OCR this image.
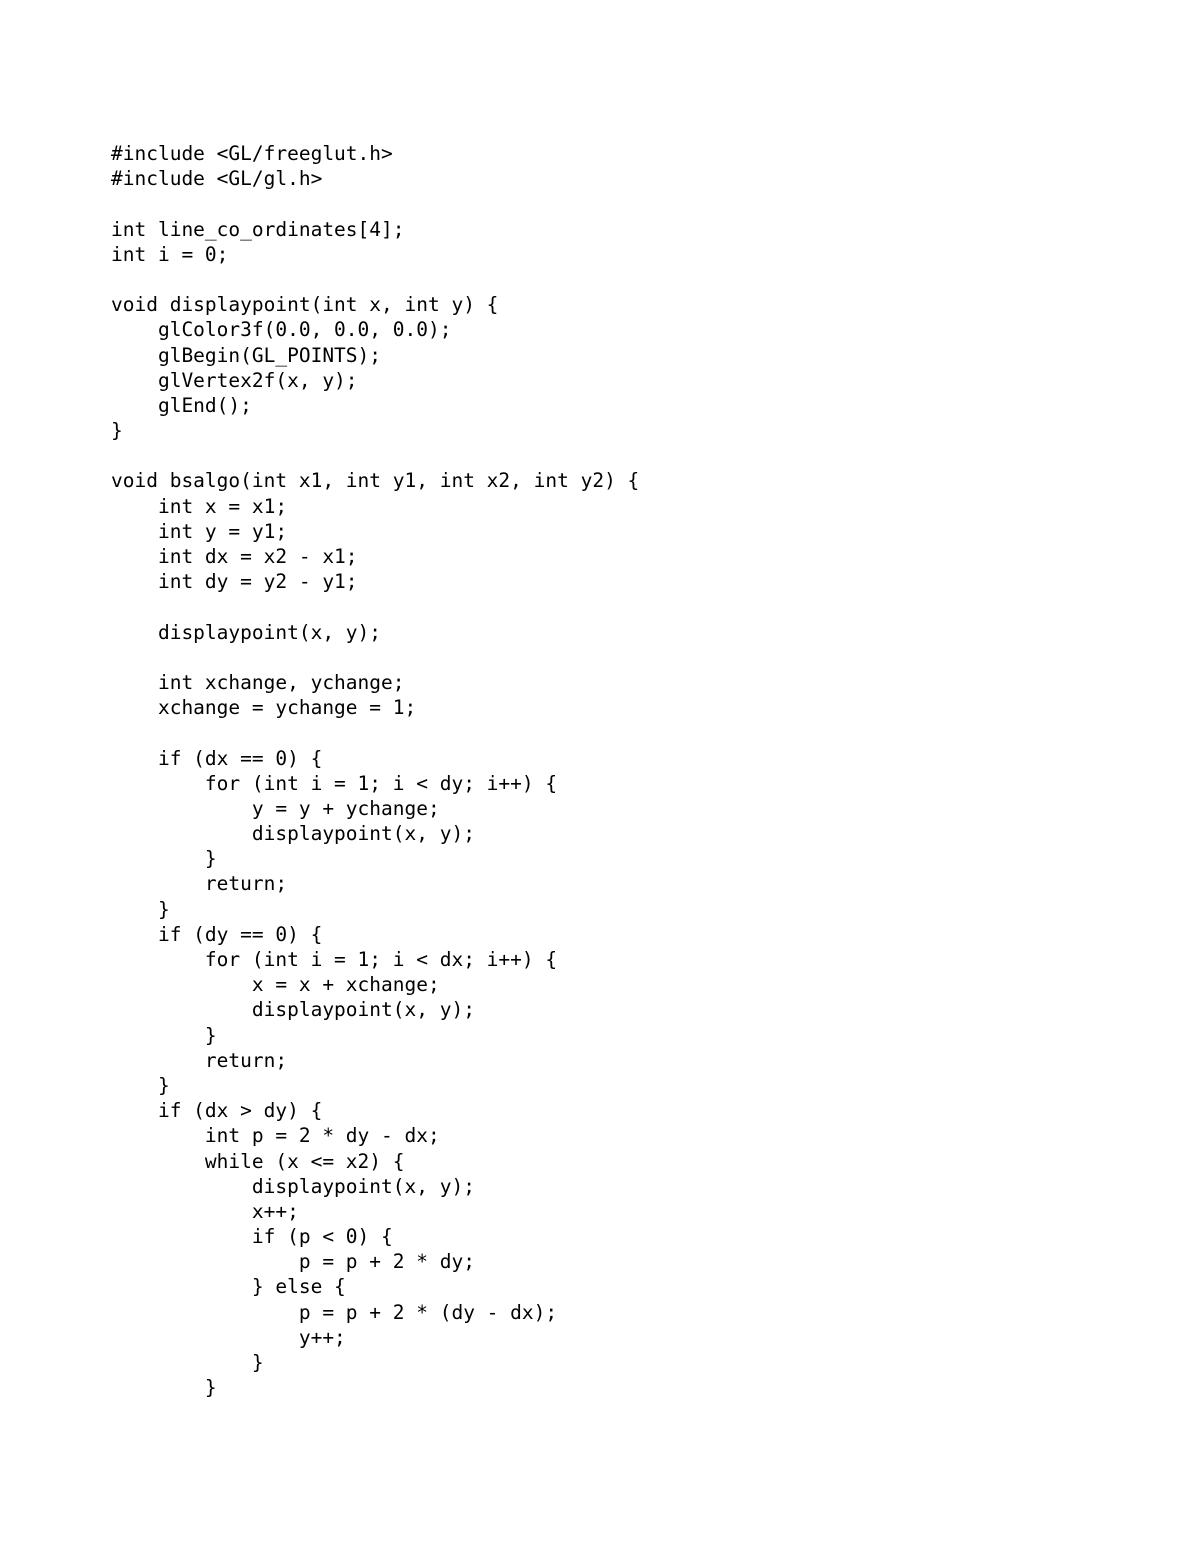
#include <GL/freeglut.h>
#include <GL/gl.h>
int line_co_ordinates[4];
int i = 0;
void displaypoint(int x, int y) {
glColor3f(0.0, 0.0, 0.0);
glBegin(GL_POINTS);
glVertex2f(x, y);
glEnd();
}
void bsalgo(int x1, int y1, int x2, int y2) {
int x = x1;
int y = y1;
int dx = x2 - x1;
int dy = y2 - y1;
displaypoint(x, y);
int xchange, ychange;
xchange = ychange = 1;
if (dx == 0) {
for (int i = 1; i < dy; i++) {
y = y + ychange;
displaypoint(x, y);
}
return;
}
if (dy == 0) {
for (int i = 1; i < dx; i++) {
x = x + xchange;
displaypoint(x, y);
}
return;
}
if (dx > dy) {
int p = 2 * dy - dx;
while (x <= x2) {
displaypoint(x, y);
x++;
if (p < 0) {
p = p + 2 * dy;
} else {
p = p + 2 * (dy - dx);
y++;
}
}
